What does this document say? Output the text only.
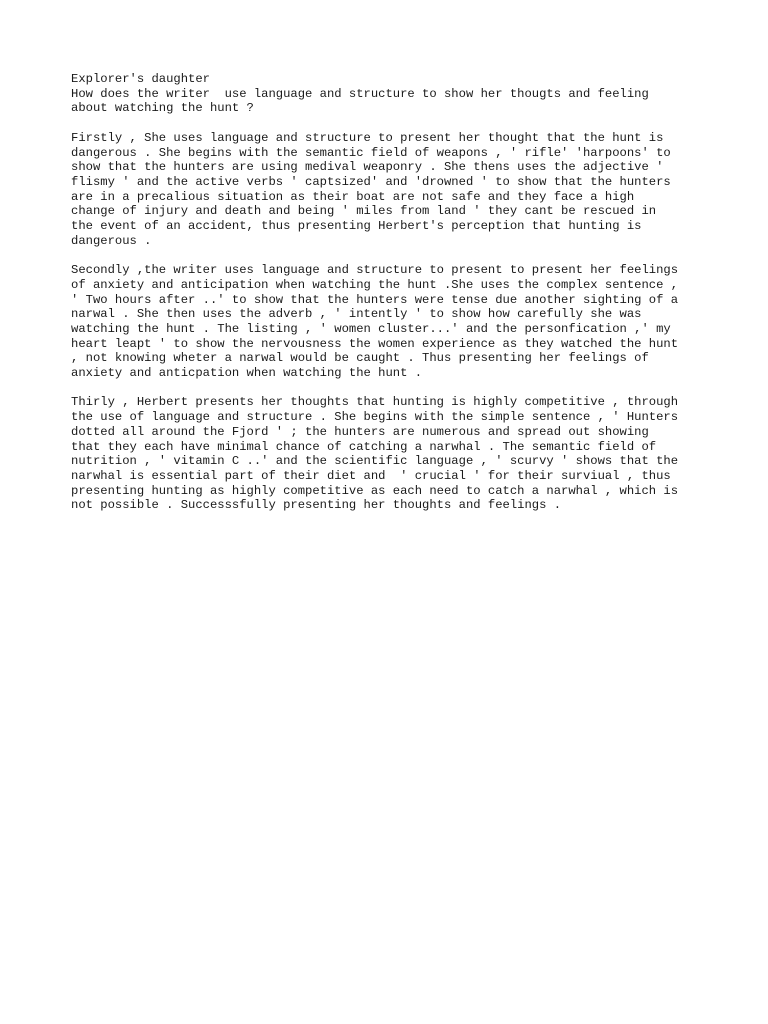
Explorer's daughter
How does the writer  use language and structure to show her thougts and feeling
about watching the hunt ?
Firstly , She uses language and structure to present her thought that the hunt is
dangerous . She begins with the semantic field of weapons , ' rifle' 'harpoons' to
show that the hunters are using medival weaponry . She thens uses the adjective '
flismy ' and the active verbs ' captsized' and 'drowned ' to show that the hunters
are in a precalious situation as their boat are not safe and they face a high
change of injury and death and being ' miles from land ' they cant be rescued in
the event of an accident, thus presenting Herbert's perception that hunting is
dangerous .
Secondly ,the writer uses language and structure to present to present her feelings
of anxiety and anticipation when watching the hunt .She uses the complex sentence ,
' Two hours after ..' to show that the hunters were tense due another sighting of a
narwal . She then uses the adverb , ' intently ' to show how carefully she was
watching the hunt . The listing , ' women cluster...' and the personfication ,' my
heart leapt ' to show the nervousness the women experience as they watched the hunt
, not knowing wheter a narwal would be caught . Thus presenting her feelings of
anxiety and anticpation when watching the hunt .
Thirly , Herbert presents her thoughts that hunting is highly competitive , through
the use of language and structure . She begins with the simple sentence , ' Hunters
dotted all around the Fjord ' ; the hunters are numerous and spread out showing
that they each have minimal chance of catching a narwhal . The semantic field of
nutrition , ' vitamin C ..' and the scientific language , ' scurvy ' shows that the
narwhal is essential part of their diet and  ' crucial ' for their surviual , thus
presenting hunting as highly competitive as each need to catch a narwhal , which is
not possible . Successsfully presenting her thoughts and feelings .
